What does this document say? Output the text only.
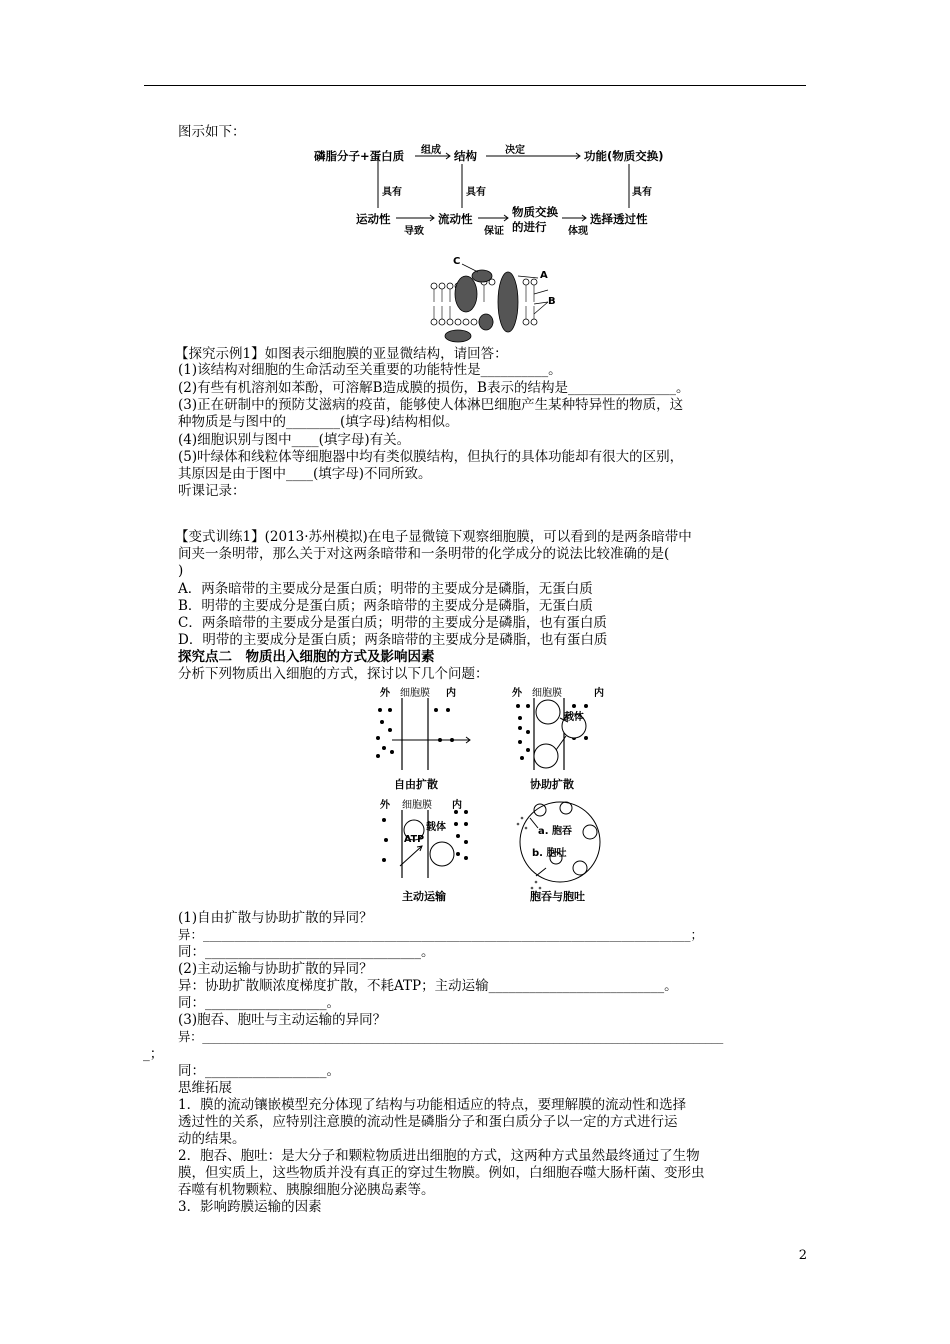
图示如下：
磷脂分子+蛋白质 组成 结构	决定	功能(物质交换)
具有	具有	具有
运动性
导致
流动性
保证
物质交换
的进行 体现
选择透过性
C
A
B
【探究示例1】如图表示细胞膜的亚显微结构，请回答：
(1)该结构对细胞的生命活动至关重要的功能特性是__________。
(2)有些有机溶剂如苯酚，可溶解B造成膜的损伤，B表示的结构是________________。
(3)正在研制中的预防艾滋病的疫苗，能够使人体淋巴细胞产生某种特异性的物质，这
种物质是与图中的________(填字母)结构相似。
(4)细胞识别与图中____(填字母)有关。
(5)叶绿体和线粒体等细胞器中均有类似膜结构，但执行的具体功能却有很大的区别，
其原因是由于图中____(填字母)不同所致。
听课记录：
【变式训练1】(2013·苏州模拟)在电子显微镜下观察细胞膜，可以看到的是两条暗带中
间夹一条明带，那么关于对这两条暗带和一条明带的化学成分的说法比较准确的是(
)
A．两条暗带的主要成分是蛋白质；明带的主要成分是磷脂，无蛋白质
B．明带的主要成分是蛋白质；两条暗带的主要成分是磷脂，无蛋白质
C．两条暗带的主要成分是蛋白质；明带的主要成分是磷脂，也有蛋白质
D．明带的主要成分是蛋白质；两条暗带的主要成分是磷脂，也有蛋白质
探究点二　物质出入细胞的方式及影响因素
分析下列物质出入细胞的方式，探讨以下几个问题：
外 细胞膜 内	外 细胞膜	内
载体
自由扩散	协助扩散
外 细胞膜 内
载体
ATP
a. 胞吞
b. 胞吐
主动运输	胞吞与胞吐
(1)自由扩散与协助扩散的异同？
异：______________________________________________________________________________；
同：________________________________。
(2)主动运输与协助扩散的异同？
异：协助扩散顺浓度梯度扩散，不耗ATP；主动运输__________________________。
同：__________________。
(3)胞吞、胞吐与主动运输的异同？
异：_________________________________________________________________________________________
_；
同：__________________。
思维拓展
1．膜的流动镶嵌模型充分体现了结构与功能相适应的特点，要理解膜的流动性和选择
透过性的关系，应特别注意膜的流动性是磷脂分子和蛋白质分子以一定的方式进行运
动的结果。
2．胞吞、胞吐：是大分子和颗粒物质进出细胞的方式，这两种方式虽然最终通过了生物
膜，但实质上，这些物质并没有真正的穿过生物膜。例如，白细胞吞噬大肠杆菌、变形虫
吞噬有机物颗粒、胰腺细胞分泌胰岛素等。
3．影响跨膜运输的因素
2
